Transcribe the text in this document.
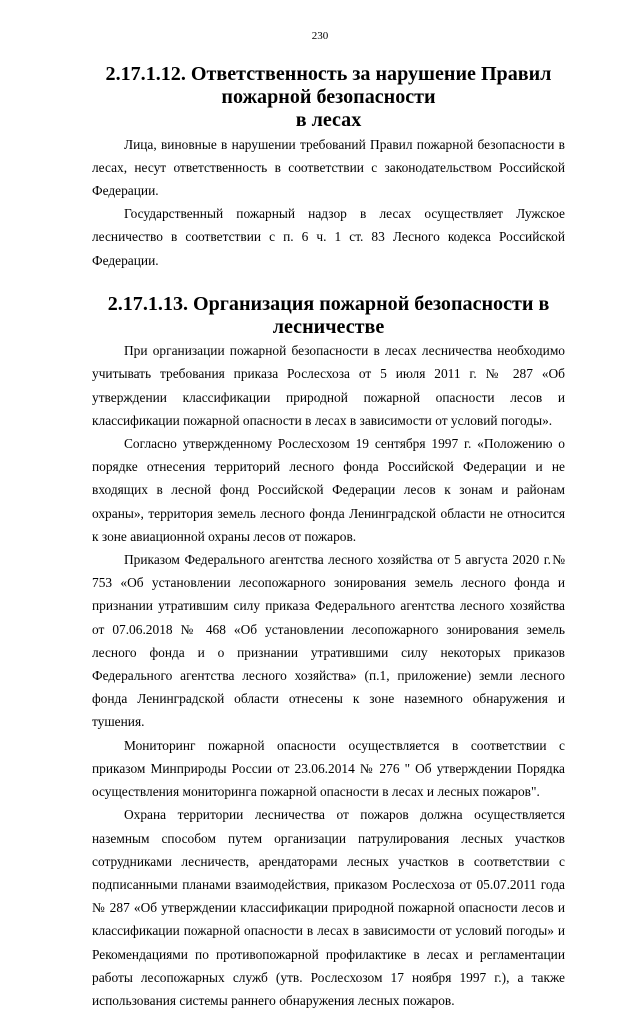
230
2.17.1.12. Ответственность за нарушение Правил пожарной безопасности
в лесах

Лица, виновные в нарушении требований Правил пожарной безопасности в лесах, несут ответственность в соответствии с законодательством Российской Федерации.

Государственный пожарный надзор в лесах осуществляет Лужское лесничество в соответствии с п. 6 ч. 1 ст. 83 Лесного кодекса Российской Федерации.

2.17.1.13. Организация пожарной безопасности в лесничестве

При организации пожарной безопасности в лесах лесничества необходимо учитывать требования приказа Рослесхоза от 5 июля 2011 г. № 287 «Об утверждении классификации природной пожарной опасности лесов и классификации пожарной опасности в лесах в зависимости от условий погоды».

Согласно утвержденному Рослесхозом 19 сентября 1997 г. «Положению о порядке отнесения территорий лесного фонда Российской Федерации и не входящих в лесной фонд Российской Федерации лесов к зонам и районам охраны», территория земель лесного фонда Ленинградской области не относится к зоне авиационной охраны лесов от пожаров.

Приказом Федерального агентства лесного хозяйства от 5 августа 2020 г.№ 753 «Об установлении лесопожарного зонирования земель лесного фонда и признании утратившим силу приказа Федерального агентства лесного хозяйства от 07.06.2018 № 468 «Об установлении лесопожарного зонирования земель лесного фонда и о признании утратившими силу некоторых приказов Федерального агентства лесного хозяйства» (п.1, приложение) земли лесного фонда Ленинградской области отнесены к зоне наземного обнаружения и тушения.

Мониторинг пожарной опасности осуществляется в соответствии с приказом Минприроды России от 23.06.2014 № 276 " Об утверждении Порядка осуществления мониторинга пожарной опасности в лесах и лесных пожаров".

Охрана территории лесничества от пожаров должна осуществляется наземным способом путем организации патрулирования лесных участков сотрудниками лесничеств, арендаторами лесных участков в соответствии с подписанными планами взаимодействия, приказом Рослесхоза от 05.07.2011 года № 287 «Об утверждении классификации природной пожарной опасности лесов и классификации пожарной опасности в лесах в зависимости от условий погоды» и Рекомендациями по противопожарной профилактике в лесах и регламентации работы лесопожарных служб (утв. Рослесхозом 17 ноября 1997 г.), а также использования системы раннего обнаружения лесных пожаров.
